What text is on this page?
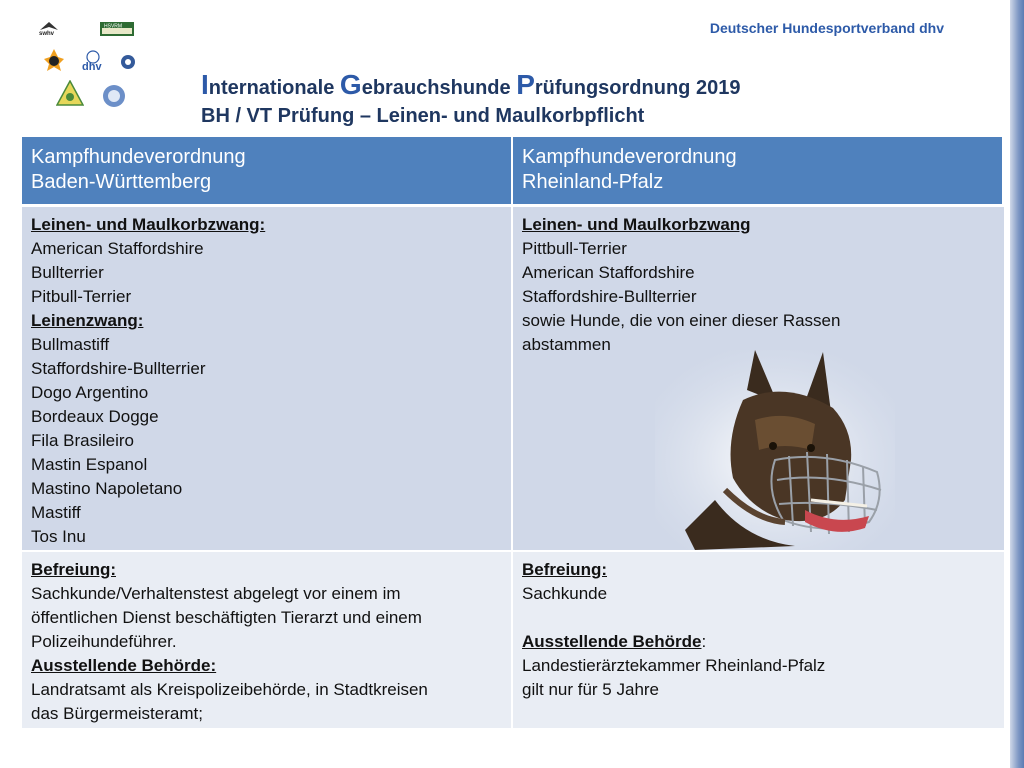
Deutscher Hundesportverband dhv
swhv
HSVRM
dhv
Internationale Gebrauchshunde Prüfungsordnung 2019
BH / VT Prüfung – Leinen- und Maulkorbpflicht
Kampfhundeverordnung
Baden-Württemberg
Kampfhundeverordnung
Rheinland-Pfalz
Leinen- und Maulkorbzwang:
American Staffordshire
Bullterrier
Pitbull-Terrier
Leinenzwang:
Bullmastiff
Staffordshire-Bullterrier
Dogo Argentino
Bordeaux Dogge
Fila Brasileiro
Mastin Espanol
Mastino Napoletano
Mastiff
Tos Inu
Leinen- und Maulkorbzwang
Pittbull-Terrier
American Staffordshire
Staffordshire-Bullterrier
sowie Hunde, die von einer dieser Rassen
abstammen
Befreiung:
Sachkunde/Verhaltenstest abgelegt vor einem im
öffentlichen Dienst beschäftigten Tierarzt und einem
Polizeihundeführer.
Ausstellende Behörde:
Landratsamt als Kreispolizeibehörde, in Stadtkreisen
das Bürgermeisteramt;
Befreiung:
Sachkunde
Ausstellende Behörde:
Landestierärztekammer Rheinland-Pfalz
gilt nur für 5 Jahre
